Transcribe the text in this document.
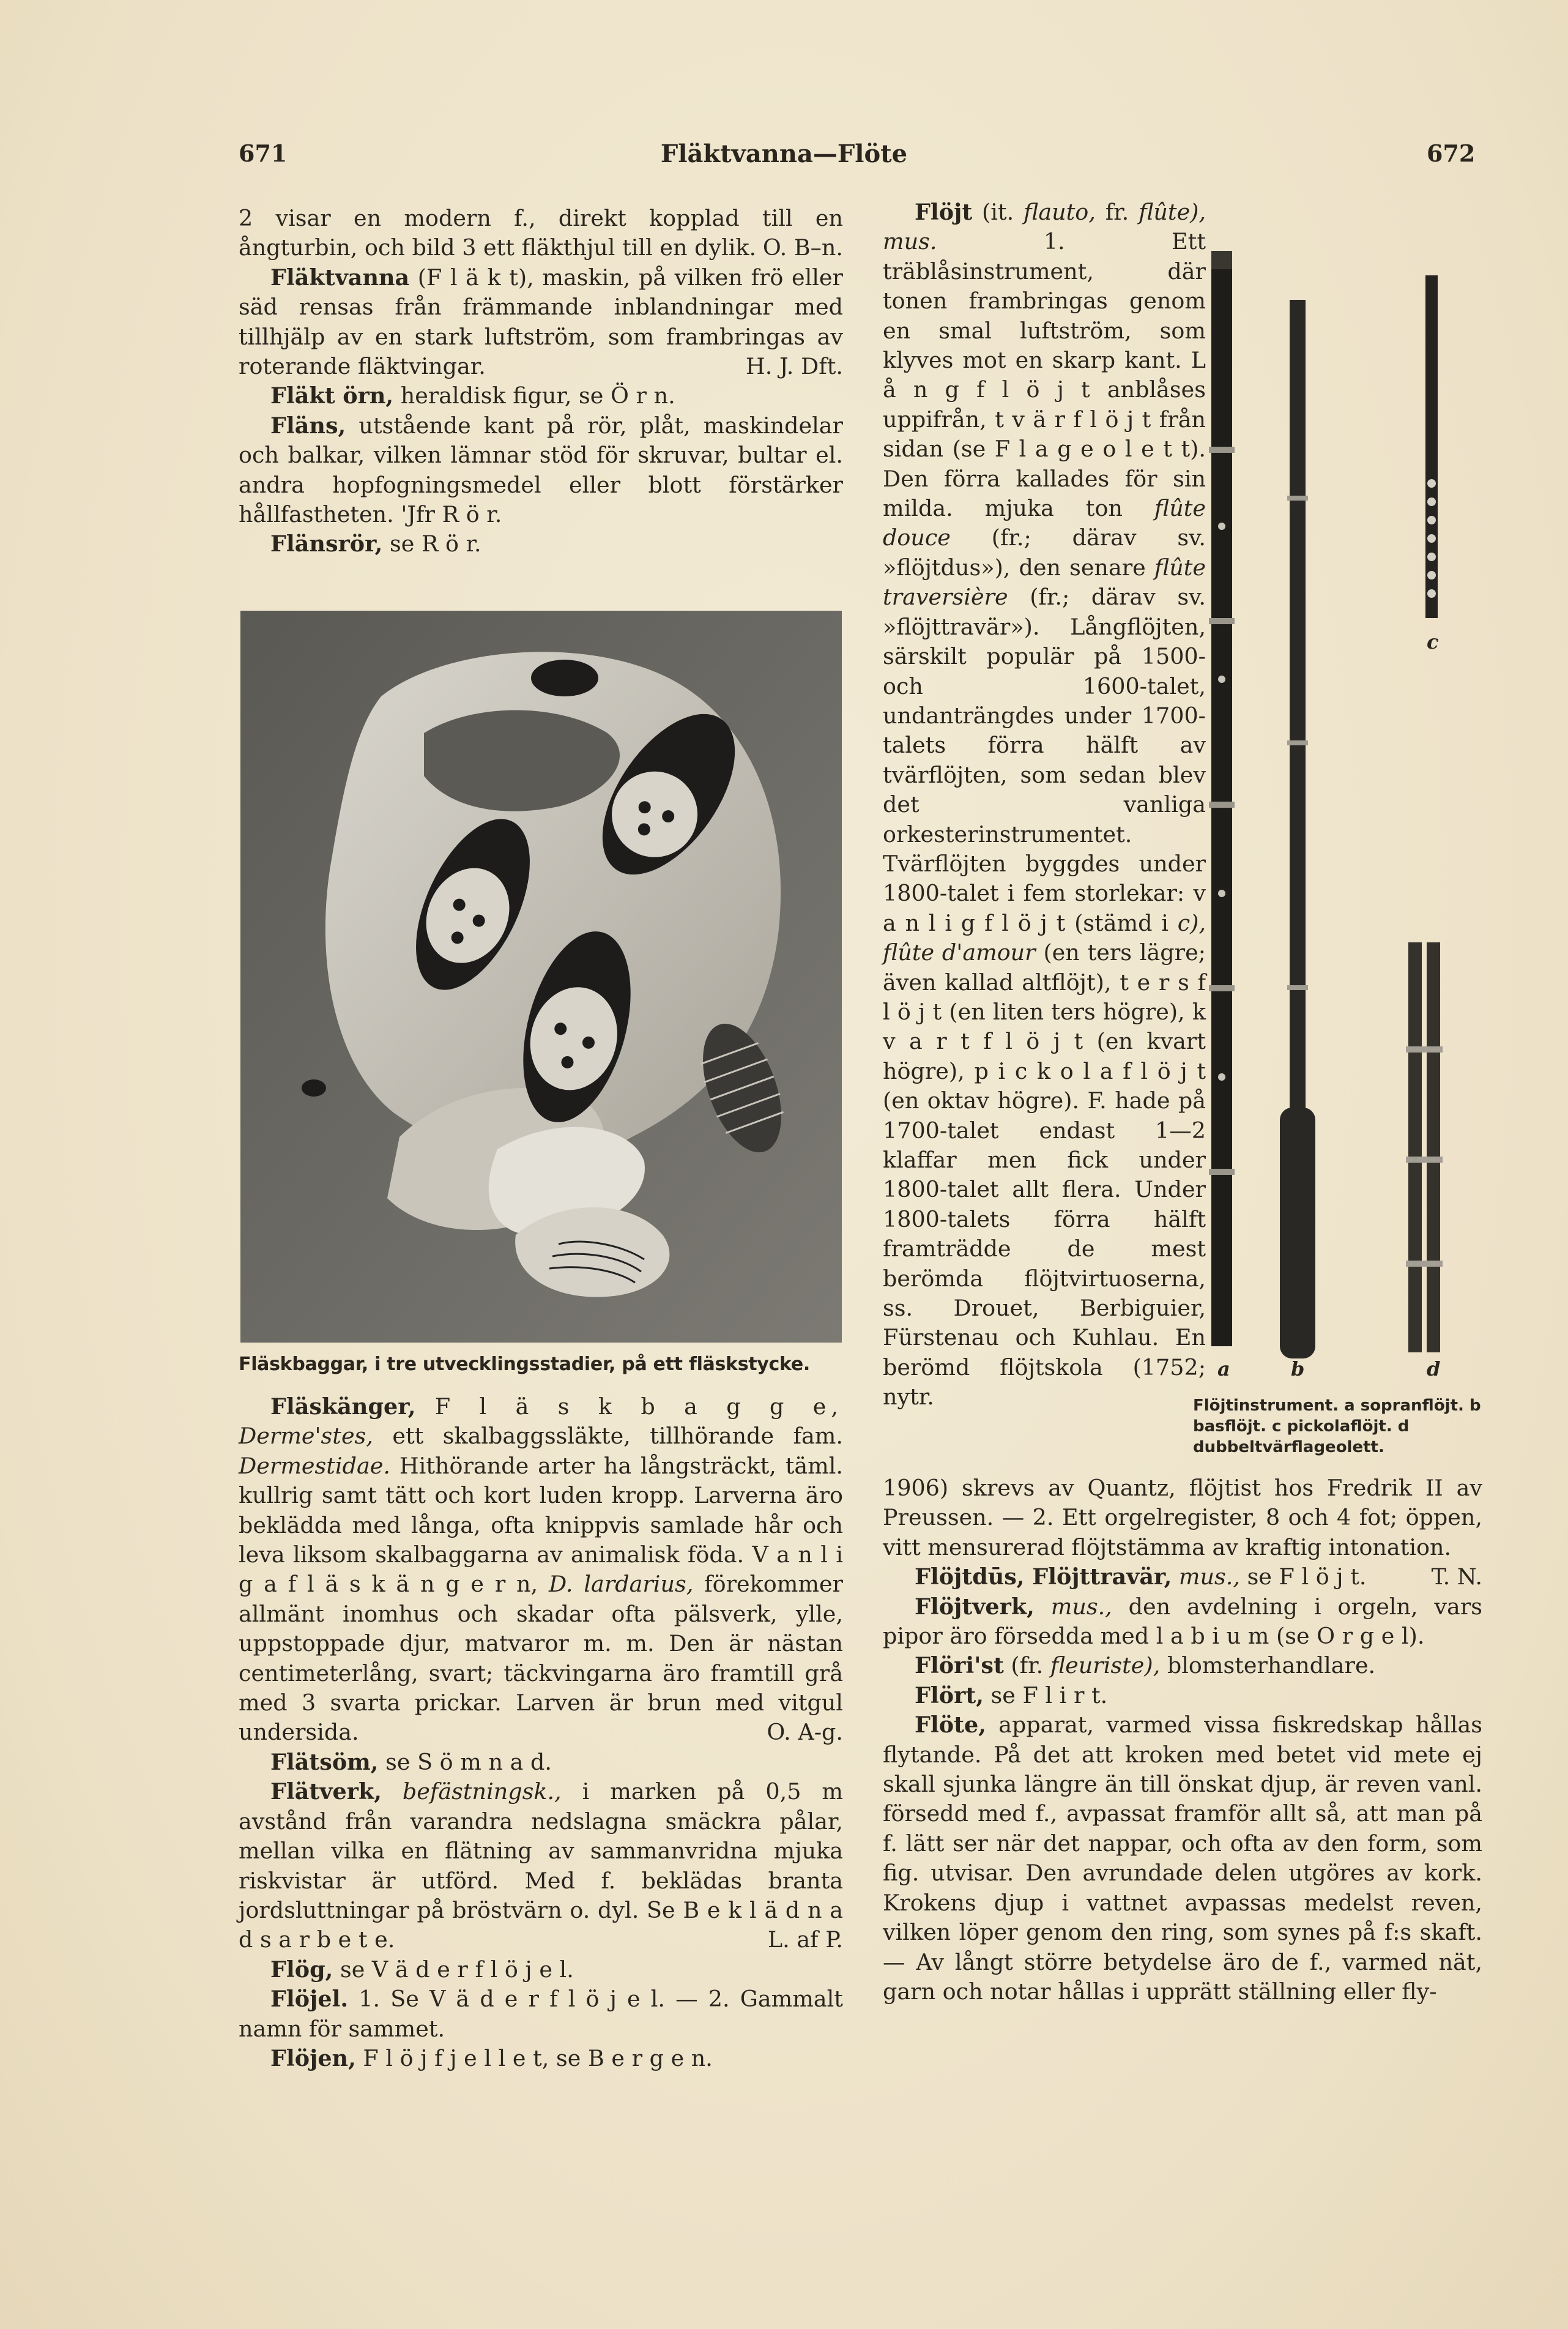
671	Fläktvanna—Flöte	672

2 visar en modern f., direkt kopplad till en ångturbin, och bild 3 ett fläkthjul till en dylik. O. B–n.

Fläktvanna (F l ä k t), maskin, på vilken frö eller säd rensas från främmande inblandningar med tillhjälp av en stark luftström, som frambringas av roterande fläktvingar.	H. J. Dft.

Fläkt örn, heraldisk figur, se Ö r n.

Fläns, utstående kant på rör, plåt, maskindelar och balkar, vilken lämnar stöd för skruvar, bultar el. andra hopfogningsmedel eller blott förstärker hållfastheten. 'Jfr R ö r.

Flänsrör, se R ö r.

Fläskbaggar, i tre utvecklingsstadier, på ett fläskstycke.

Fläskänger, F l ä s k b a g g e, Derme'stes, ett skalbaggssläkte, tillhörande fam. Dermestidae. Hithörande arter ha långsträckt, täml. kullrig samt tätt och kort luden kropp. Larverna äro beklädda med långa, ofta knippvis samlade hår och leva liksom skalbaggarna av animalisk föda. V a n l i g a f l ä s k ä n g e r n, D. lardarius, förekommer allmänt inomhus och skadar ofta pälsverk, ylle, uppstoppade djur, matvaror m. m. Den är nästan centimeterlång, svart; täckvingarna äro framtill grå med 3 svarta prickar. Larven är brun med vitgul undersida.	O. A-g.

Flätsöm, se S ö m n a d.

Flätverk, befästningsk., i marken på 0,5 m avstånd från varandra nedslagna smäckra pålar, mellan vilka en flätning av sammanvridna mjuka riskvistar är utförd. Med f. beklädas branta jordsluttningar på bröstvärn o. dyl. Se B e k l ä d n a d s a r b e t e.	L. af P.

Flög, se V ä d e r f l ö j e l.

Flöjel. 1. Se V ä d e r f l ö j e l. — 2. Gammalt namn för sammet.

Flöjen, F l ö j f j e l l e t, se B e r g e n.

Flöjt (it. flauto, fr. flûte), mus.	1. Ett träblåsinstrument, där tonen frambringas genom en smal luftström, som klyves mot en skarp kant. L å n g f l ö j t anblåses uppifrån, t v ä r f l ö j t från sidan (se F l a g e o l e t t). Den förra kallades för sin milda. mjuka ton flûte douce (fr.; därav sv. »flöjtdus»), den senare flûte traversière (fr.; därav sv. »flöjttravär»). Långflöjten, särskilt populär på 1500- och 1600-talet, undanträngdes under 1700-talets förra hälft av tvärflöjten, som sedan blev det vanliga orkesterinstrumentet. Tvärflöjten byggdes under 1800-talet i fem storlekar: v a n l i g f l ö j t (stämd i c), flûte d'amour (en ters lägre; även kallad altflöjt), t e r s f l ö j t (en liten ters högre), k v a r t f l ö j t (en kvart högre), p i c k o l a f l ö j t (en oktav högre). F. hade på 1700-talet endast 1—2 klaffar men fick under 1800-talet allt flera. Under 1800-talets förra hälft framträdde de mest berömda flöjtvirtuoserna, ss. Drouet, Berbiguier, Fürstenau och Kuhlau. En berömd flöjtskola (1752; nytr.

a	b
c
d
Flöjtinstrument. a sopranflöjt. b basflöjt. c pickolaflöjt. d dubbeltvärflageolett.

1906) skrevs av Quantz, flöjtist hos Fredrik II av Preussen. — 2. Ett orgelregister, 8 och 4 fot; öppen, vitt mensurerad flöjtstämma av kraftig intonation.
T. N.

Flöjtdūs, Flöjttravär, mus., se F l ö j t.

Flöjtverk, mus., den avdelning i orgeln, vars pipor äro försedda med l a b i u m (se O r g e l).

Flöri'st (fr. fleuriste), blomsterhandlare.

Flört, se F l i r t.

Flöte, apparat, varmed vissa fiskredskap hållas flytande. På det att kroken med betet vid mete ej skall sjunka längre än till önskat djup, är reven vanl. försedd med f., avpassat framför allt så, att man på f. lätt ser när det nappar, och ofta av den form, som fig. utvisar. Den avrundade delen utgöres av kork. Krokens djup i vattnet avpassas medelst reven, vilken löper genom den ring, som synes på f:s skaft. — Av långt större betydelse äro de f., varmed nät, garn och notar hållas i upprätt ställning eller fly-
